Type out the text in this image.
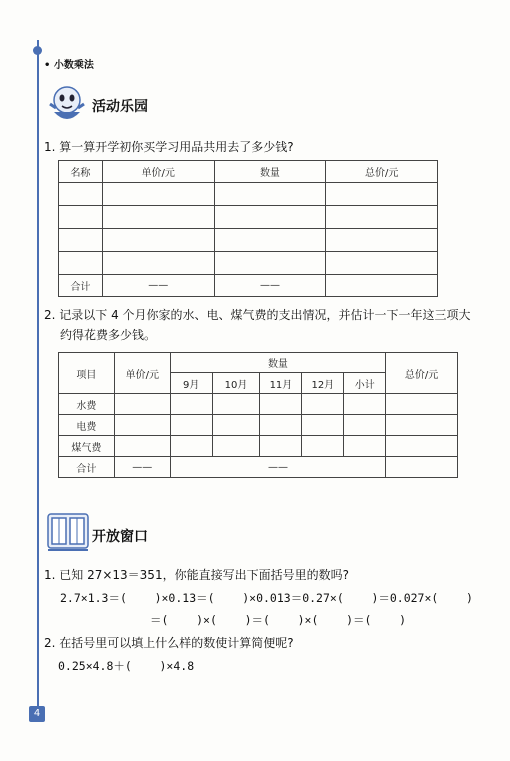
• 小数乘法
活动乐园
1. 算一算开学初你买学习用品共用去了多少钱?
名称	单价/元	数量	总价/元

合计	——	——	
2. 记录以下 4 个月你家的水、电、煤气费的支出情况，并估计一下一年这三项大
约得花费多少钱。
项目	单价/元	数量					总价/元
		9月	10月	11月	12月	小计	
水费							
电费							
煤气费							
合计	——	——					
开放窗口
1. 已知 27×13＝351，你能直接写出下面括号里的数吗?
2.7×1.3＝(    )×0.13＝(    )×0.013＝0.27×(    )＝0.027×(    )
＝(    )×(    )＝(    )×(    )＝(    )
2. 在括号里可以填上什么样的数使计算简便呢?
0.25×4.8＋(    )×4.8
4
